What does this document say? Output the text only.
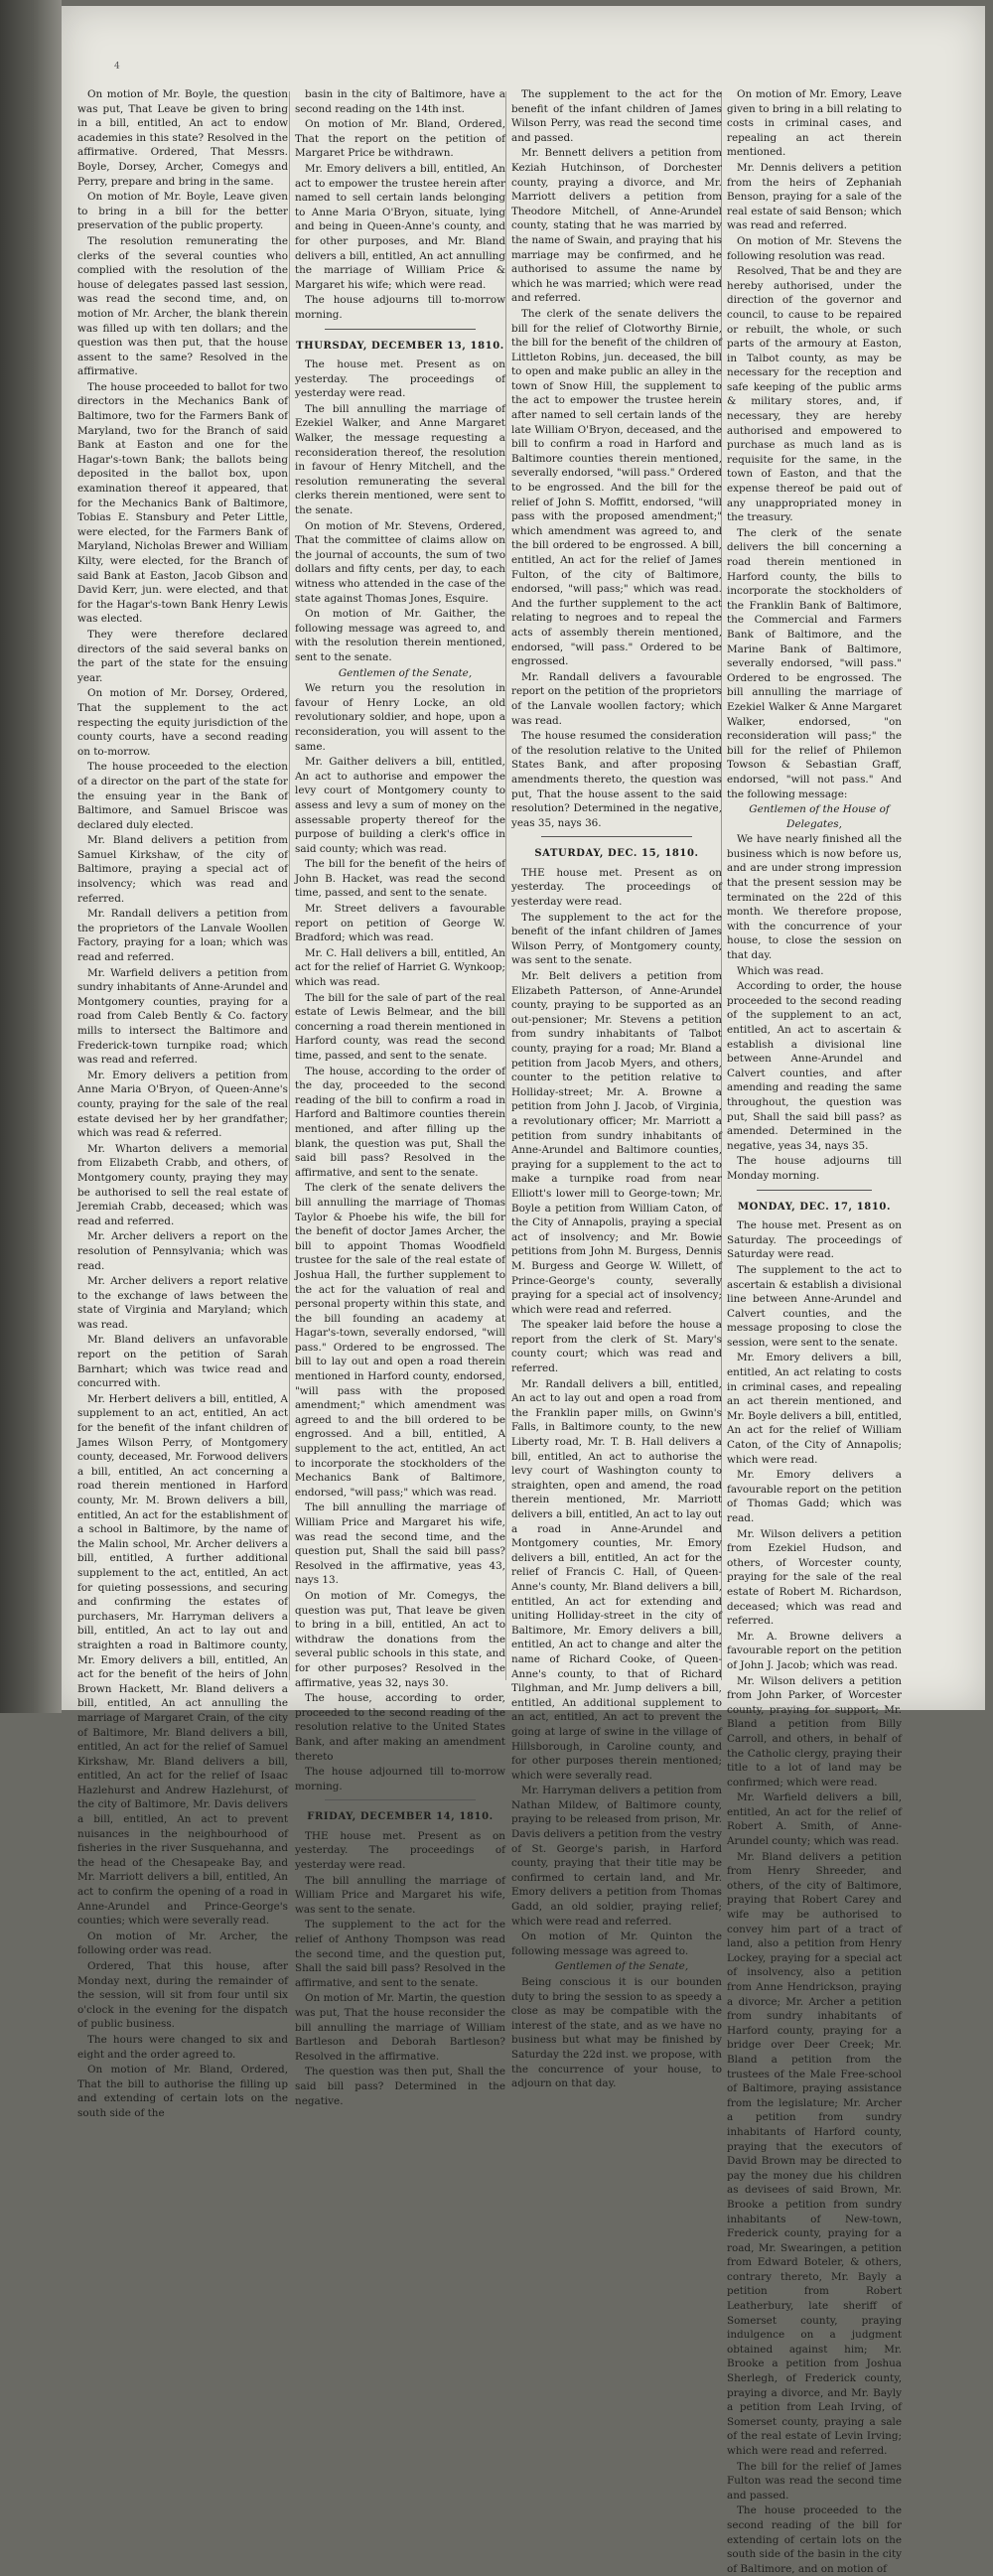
4

On motion of Mr. Boyle, the question was put, That Leave be given to bring in a bill, entitled, An act to endow academies in this state? Resolved in the affirmative. Ordered, That Messrs. Boyle, Dorsey, Archer, Comegys and Perry, prepare and bring in the same.

On motion of Mr. Boyle, Leave given to bring in a bill for the better preservation of the public property.

The resolution remunerating the clerks of the several counties who complied with the resolution of the house of delegates passed last session, was read the second time, and, on motion of Mr. Archer, the blank therein was filled up with ten dollars; and the question was then put, that the house assent to the same? Resolved in the affirmative.

The house proceeded to ballot for two directors in the Mechanics Bank of Baltimore, two for the Farmers Bank of Maryland, two for the Branch of said Bank at Easton and one for the Hagar's-town Bank; the ballots being deposited in the ballot box, upon examination thereof it appeared, that for the Mechanics Bank of Baltimore, Tobias E. Stansbury and Peter Little, were elected, for the Farmers Bank of Maryland, Nicholas Brewer and William Kilty, were elected, for the Branch of said Bank at Easton, Jacob Gibson and David Kerr, jun. were elected, and that for the Hagar's-town Bank Henry Lewis was elected.

They were therefore declared directors of the said several banks on the part of the state for the ensuing year.

On motion of Mr. Dorsey, Ordered, That the supplement to the act respecting the equity jurisdiction of the county courts, have a second reading on to-morrow.

The house proceeded to the election of a director on the part of the state for the ensuing year in the Bank of Baltimore, and Samuel Briscoe was declared duly elected.

Mr. Bland delivers a petition from Samuel Kirkshaw, of the city of Baltimore, praying a special act of insolvency; which was read and referred.

Mr. Randall delivers a petition from the proprietors of the Lanvale Woollen Factory, praying for a loan; which was read and referred.

Mr. Warfield delivers a petition from sundry inhabitants of Anne-Arundel and Montgomery counties, praying for a road from Caleb Bently & Co. factory mills to intersect the Baltimore and Frederick-town turnpike road; which was read and referred.

Mr. Emory delivers a petition from Anne Maria O'Bryon, of Queen-Anne's county, praying for the sale of the real estate devised her by her grandfather; which was read & referred.

Mr. Wharton delivers a memorial from Elizabeth Crabb, and others, of Montgomery county, praying they may be authorised to sell the real estate of Jeremiah Crabb, deceased; which was read and referred.

Mr. Archer delivers a report on the resolution of Pennsylvania; which was read.

Mr. Archer delivers a report relative to the exchange of laws between the state of Virginia and Maryland; which was read.

Mr. Bland delivers an unfavorable report on the petition of Sarah Barnhart; which was twice read and concurred with.

Mr. Herbert delivers a bill, entitled, A supplement to an act, entitled, An act for the benefit of the infant children of James Wilson Perry, of Montgomery county, deceased, Mr. Forwood delivers a bill, entitled, An act concerning a road therein mentioned in Harford county, Mr. M. Brown delivers a bill, entitled, An act for the establishment of a school in Baltimore, by the name of the Malin school, Mr. Archer delivers a bill, entitled, A further additional supplement to the act, entitled, An act for quieting possessions, and securing and confirming the estates of purchasers, Mr. Harryman delivers a bill, entitled, An act to lay out and straighten a road in Baltimore county, Mr. Emory delivers a bill, entitled, An act for the benefit of the heirs of John Brown Hackett, Mr. Bland delivers a bill, entitled, An act annulling the marriage of Margaret Crain, of the city of Baltimore, Mr. Bland delivers a bill, entitled, An act for the relief of Samuel Kirkshaw, Mr. Bland delivers a bill, entitled, An act for the relief of Isaac Hazlehurst and Andrew Hazlehurst, of the city of Baltimore, Mr. Davis delivers a bill, entitled, An act to prevent nuisances in the neighbourhood of fisheries in the river Susquehanna, and the head of the Chesapeake Bay, and Mr. Marriott delivers a bill, entitled, An act to confirm the opening of a road in Anne-Arundel and Prince-George's counties; which were severally read.

On motion of Mr. Archer, the following order was read.

Ordered, That this house, after Monday next, during the remainder of the session, will sit from four until six o'clock in the evening for the dispatch of public business.

The hours were changed to six and eight and the order agreed to.

On motion of Mr. Bland, Ordered, That the bill to authorise the filling up and extending of certain lots on the south side of the

basin in the city of Baltimore, have a second reading on the 14th inst.

On motion of Mr. Bland, Ordered, That the report on the petition of Margaret Price be withdrawn.

Mr. Emory delivers a bill, entitled, An act to empower the trustee herein after named to sell certain lands belonging to Anne Maria O'Bryon, situate, lying and being in Queen-Anne's county, and for other purposes, and Mr. Bland delivers a bill, entitled, An act annulling the marriage of William Price & Margaret his wife; which were read.

The house adjourns till to-morrow morning.

THURSDAY, DECEMBER 13, 1810.

The house met. Present as on yesterday. The proceedings of yesterday were read.

The bill annulling the marriage of Ezekiel Walker, and Anne Margaret Walker, the message requesting a reconsideration thereof, the resolution in favour of Henry Mitchell, and the resolution remunerating the several clerks therein mentioned, were sent to the senate.

On motion of Mr. Stevens, Ordered, That the committee of claims allow on the journal of accounts, the sum of two dollars and fifty cents, per day, to each witness who attended in the case of the state against Thomas Jones, Esquire.

On motion of Mr. Gaither, the following message was agreed to, and with the resolution therein mentioned, sent to the senate.

Gentlemen of the Senate,

We return you the resolution in favour of Henry Locke, an old revolutionary soldier, and hope, upon a reconsideration, you will assent to the same.

Mr. Gaither delivers a bill, entitled, An act to authorise and empower the levy court of Montgomery county to assess and levy a sum of money on the assessable property thereof for the purpose of building a clerk's office in said county; which was read.

The bill for the benefit of the heirs of John B. Hacket, was read the second time, passed, and sent to the senate.

Mr. Street delivers a favourable report on petition of George W. Bradford; which was read.

Mr. C. Hall delivers a bill, entitled, An act for the relief of Harriet G. Wynkoop; which was read.

The bill for the sale of part of the real estate of Lewis Belmear, and the bill concerning a road therein mentioned in Harford county, was read the second time, passed, and sent to the senate.

The house, according to the order of the day, proceeded to the second reading of the bill to confirm a road in Harford and Baltimore counties therein mentioned, and after filling up the blank, the question was put, Shall the said bill pass? Resolved in the affirmative, and sent to the senate.

The clerk of the senate delivers the bill annulling the marriage of Thomas Taylor & Phoebe his wife, the bill for the benefit of doctor James Archer, the bill to appoint Thomas Woodfield trustee for the sale of the real estate of Joshua Hall, the further supplement to the act for the valuation of real and personal property within this state, and the bill founding an academy at Hagar's-town, severally endorsed, "will pass." Ordered to be engrossed. The bill to lay out and open a road therein mentioned in Harford county, endorsed, "will pass with the proposed amendment;" which amendment was agreed to and the bill ordered to be engrossed. And a bill, entitled, A supplement to the act, entitled, An act to incorporate the stockholders of the Mechanics Bank of Baltimore, endorsed, "will pass;" which was read.

The bill annulling the marriage of William Price and Margaret his wife, was read the second time, and the question put, Shall the said bill pass? Resolved in the affirmative, yeas 43, nays 13.

On motion of Mr. Comegys, the question was put, That leave be given to bring in a bill, entitled, An act to withdraw the donations from the several public schools in this state, and for other purposes? Resolved in the affirmative, yeas 32, nays 30.

The house, according to order, proceeded to the second reading of the resolution relative to the United States Bank, and after making an amendment thereto

The house adjourned till to-morrow morning.

FRIDAY, DECEMBER 14, 1810.

THE house met. Present as on yesterday. The proceedings of yesterday were read.

The bill annulling the marriage of William Price and Margaret his wife, was sent to the senate.

The supplement to the act for the relief of Anthony Thompson was read the second time, and the question put, Shall the said bill pass? Resolved in the affirmative, and sent to the senate.

On motion of Mr. Martin, the question was put, That the house reconsider the bill annulling the marriage of William Bartleson and Deborah Bartleson? Resolved in the affirmative.

The question was then put, Shall the said bill pass? Determined in the negative.

The supplement to the act for the benefit of the infant children of James Wilson Perry, was read the second time and passed.

Mr. Bennett delivers a petition from Keziah Hutchinson, of Dorchester county, praying a divorce, and Mr. Marriott delivers a petition from Theodore Mitchell, of Anne-Arundel county, stating that he was married by the name of Swain, and praying that his marriage may be confirmed, and he authorised to assume the name by which he was married; which were read and referred.

The clerk of the senate delivers the bill for the relief of Clotworthy Birnie, the bill for the benefit of the children of Littleton Robins, jun. deceased, the bill to open and make public an alley in the town of Snow Hill, the supplement to the act to empower the trustee herein after named to sell certain lands of the late William O'Bryon, deceased, and the bill to confirm a road in Harford and Baltimore counties therein mentioned, severally endorsed, "will pass." Ordered to be engrossed. And the bill for the relief of John S. Moffitt, endorsed, "will pass with the proposed amendment;" which amendment was agreed to, and the bill ordered to be engrossed. A bill, entitled, An act for the relief of James Fulton, of the city of Baltimore, endorsed, "will pass;" which was read. And the further supplement to the act relating to negroes and to repeal the acts of assembly therein mentioned, endorsed, "will pass." Ordered to be engrossed.

Mr. Randall delivers a favourable report on the petition of the proprietors of the Lanvale woollen factory; which was read.

The house resumed the consideration of the resolution relative to the United States Bank, and after proposing amendments thereto, the question was put, That the house assent to the said resolution? Determined in the negative, yeas 35, nays 36.

SATURDAY, DEC. 15, 1810.

THE house met. Present as on yesterday. The proceedings of yesterday were read.

The supplement to the act for the benefit of the infant children of James Wilson Perry, of Montgomery county, was sent to the senate.

Mr. Belt delivers a petition from Elizabeth Patterson, of Anne-Arundel county, praying to be supported as an out-pensioner; Mr. Stevens a petition from sundry inhabitants of Talbot county, praying for a road; Mr. Bland a petition from Jacob Myers, and others, counter to the petition relative to Holliday-street; Mr. A. Browne a petition from John J. Jacob, of Virginia, a revolutionary officer; Mr. Marriott a petition from sundry inhabitants of Anne-Arundel and Baltimore counties, praying for a supplement to the act to make a turnpike road from near Elliott's lower mill to George-town; Mr. Boyle a petition from William Caton, of the City of Annapolis, praying a special act of insolvency; and Mr. Bowie petitions from John M. Burgess, Dennis M. Burgess and George W. Willett, of Prince-George's county, severally praying for a special act of insolvency; which were read and referred.

The speaker laid before the house a report from the clerk of St. Mary's county court; which was read and referred.

Mr. Randall delivers a bill, entitled, An act to lay out and open a road from the Franklin paper mills, on Gwinn's Falls, in Baltimore county, to the new Liberty road, Mr. T. B. Hall delivers a bill, entitled, An act to authorise the levy court of Washington county to straighten, open and amend, the road therein mentioned, Mr. Marriott delivers a bill, entitled, An act to lay out a road in Anne-Arundel and Montgomery counties, Mr. Emory delivers a bill, entitled, An act for the relief of Francis C. Hall, of Queen-Anne's county, Mr. Bland delivers a bill, entitled, An act for extending and uniting Holliday-street in the city of Baltimore, Mr. Emory delivers a bill, entitled, An act to change and alter the name of Richard Cooke, of Queen-Anne's county, to that of Richard Tilghman, and Mr. Jump delivers a bill, entitled, An additional supplement to an act, entitled, An act to prevent the going at large of swine in the village of Hillsborough, in Caroline county, and for other purposes therein mentioned; which were severally read.

Mr. Harryman delivers a petition from Nathan Mildew, of Baltimore county, praying to be released from prison, Mr. Davis delivers a petition from the vestry of St. George's parish, in Harford county, praying that their title may be confirmed to certain land, and Mr. Emory delivers a petition from Thomas Gadd, an old soldier, praying relief; which were read and referred.

On motion of Mr. Quinton the following message was agreed to.

Gentlemen of the Senate,

Being conscious it is our bounden duty to bring the session to as speedy a close as may be compatible with the interest of the state, and as we have no business but what may be finished by Saturday the 22d inst. we propose, with the concurrence of your house, to adjourn on that day.

On motion of Mr. Emory, Leave given to bring in a bill relating to costs in criminal cases, and repealing an act therein mentioned.

Mr. Dennis delivers a petition from the heirs of Zephaniah Benson, praying for a sale of the real estate of said Benson; which was read and referred.

On motion of Mr. Stevens the following resolution was read.

Resolved, That be and they are hereby authorised, under the direction of the governor and council, to cause to be repaired or rebuilt, the whole, or such parts of the armoury at Easton, in Talbot county, as may be necessary for the reception and safe keeping of the public arms & military stores, and, if necessary, they are hereby authorised and empowered to purchase as much land as is requisite for the same, in the town of Easton, and that the expense thereof be paid out of any unappropriated money in the treasury.

The clerk of the senate delivers the bill concerning a road therein mentioned in Harford county, the bills to incorporate the stockholders of the Franklin Bank of Baltimore, the Commercial and Farmers Bank of Baltimore, and the Marine Bank of Baltimore, severally endorsed, "will pass." Ordered to be engrossed. The bill annulling the marriage of Ezekiel Walker & Anne Margaret Walker, endorsed, "on reconsideration will pass;" the bill for the relief of Philemon Towson & Sebastian Graff, endorsed, "will not pass." And the following message:

Gentlemen of the House of Delegates,

We have nearly finished all the business which is now before us, and are under strong impression that the present session may be terminated on the 22d of this month. We therefore propose, with the concurrence of your house, to close the session on that day.

Which was read.

According to order, the house proceeded to the second reading of the supplement to an act, entitled, An act to ascertain & establish a divisional line between Anne-Arundel and Calvert counties, and after amending and reading the same throughout, the question was put, Shall the said bill pass? as amended. Determined in the negative, yeas 34, nays 35.

The house adjourns till Monday morning.

MONDAY, DEC. 17, 1810.

The house met. Present as on Saturday. The proceedings of Saturday were read.

The supplement to the act to ascertain & establish a divisional line between Anne-Arundel and Calvert counties, and the message proposing to close the session, were sent to the senate.

Mr. Emory delivers a bill, entitled, An act relating to costs in criminal cases, and repealing an act therein mentioned, and Mr. Boyle delivers a bill, entitled, An act for the relief of William Caton, of the City of Annapolis; which were read.

Mr. Emory delivers a favourable report on the petition of Thomas Gadd; which was read.

Mr. Wilson delivers a petition from Ezekiel Hudson, and others, of Worcester county, praying for the sale of the real estate of Robert M. Richardson, deceased; which was read and referred.

Mr. A. Browne delivers a favourable report on the petition of John J. Jacob; which was read.

Mr. Wilson delivers a petition from John Parker, of Worcester county, praying for support; Mr. Bland a petition from Billy Carroll, and others, in behalf of the Catholic clergy, praying their title to a lot of land may be confirmed; which were read.

Mr. Warfield delivers a bill, entitled, An act for the relief of Robert A. Smith, of Anne-Arundel county; which was read.

Mr. Bland delivers a petition from Henry Shreeder, and others, of the city of Baltimore, praying that Robert Carey and wife may be authorised to convey him part of a tract of land, also a petition from Henry Lockey, praying for a special act of insolvency, also a petition from Anne Hendrickson, praying a divorce; Mr. Archer a petition from sundry inhabitants of Harford county, praying for a bridge over Deer Creek; Mr. Bland a petition from the trustees of the Male Free-school of Baltimore, praying assistance from the legislature; Mr. Archer a petition from sundry inhabitants of Harford county, praying that the executors of David Brown may be directed to pay the money due his children as devisees of said Brown, Mr. Brooke a petition from sundry inhabitants of New-town, Frederick county, praying for a road, Mr. Swearingen, a petition from Edward Boteler, & others, contrary thereto, Mr. Bayly a petition from Robert Leatherbury, late sheriff of Somerset county, praying indulgence on a judgment obtained against him; Mr. Brooke a petition from Joshua Sherlegh, of Frederick county, praying a divorce, and Mr. Bayly a petition from Leah Irving, of Somerset county, praying a sale of the real estate of Levin Irving; which were read and referred.

The bill for the relief of James Fulton was read the second time and passed.

The house proceeded to the second reading of the bill for extending of certain lots on the south side of the basin in the city of Baltimore, and on motion of
